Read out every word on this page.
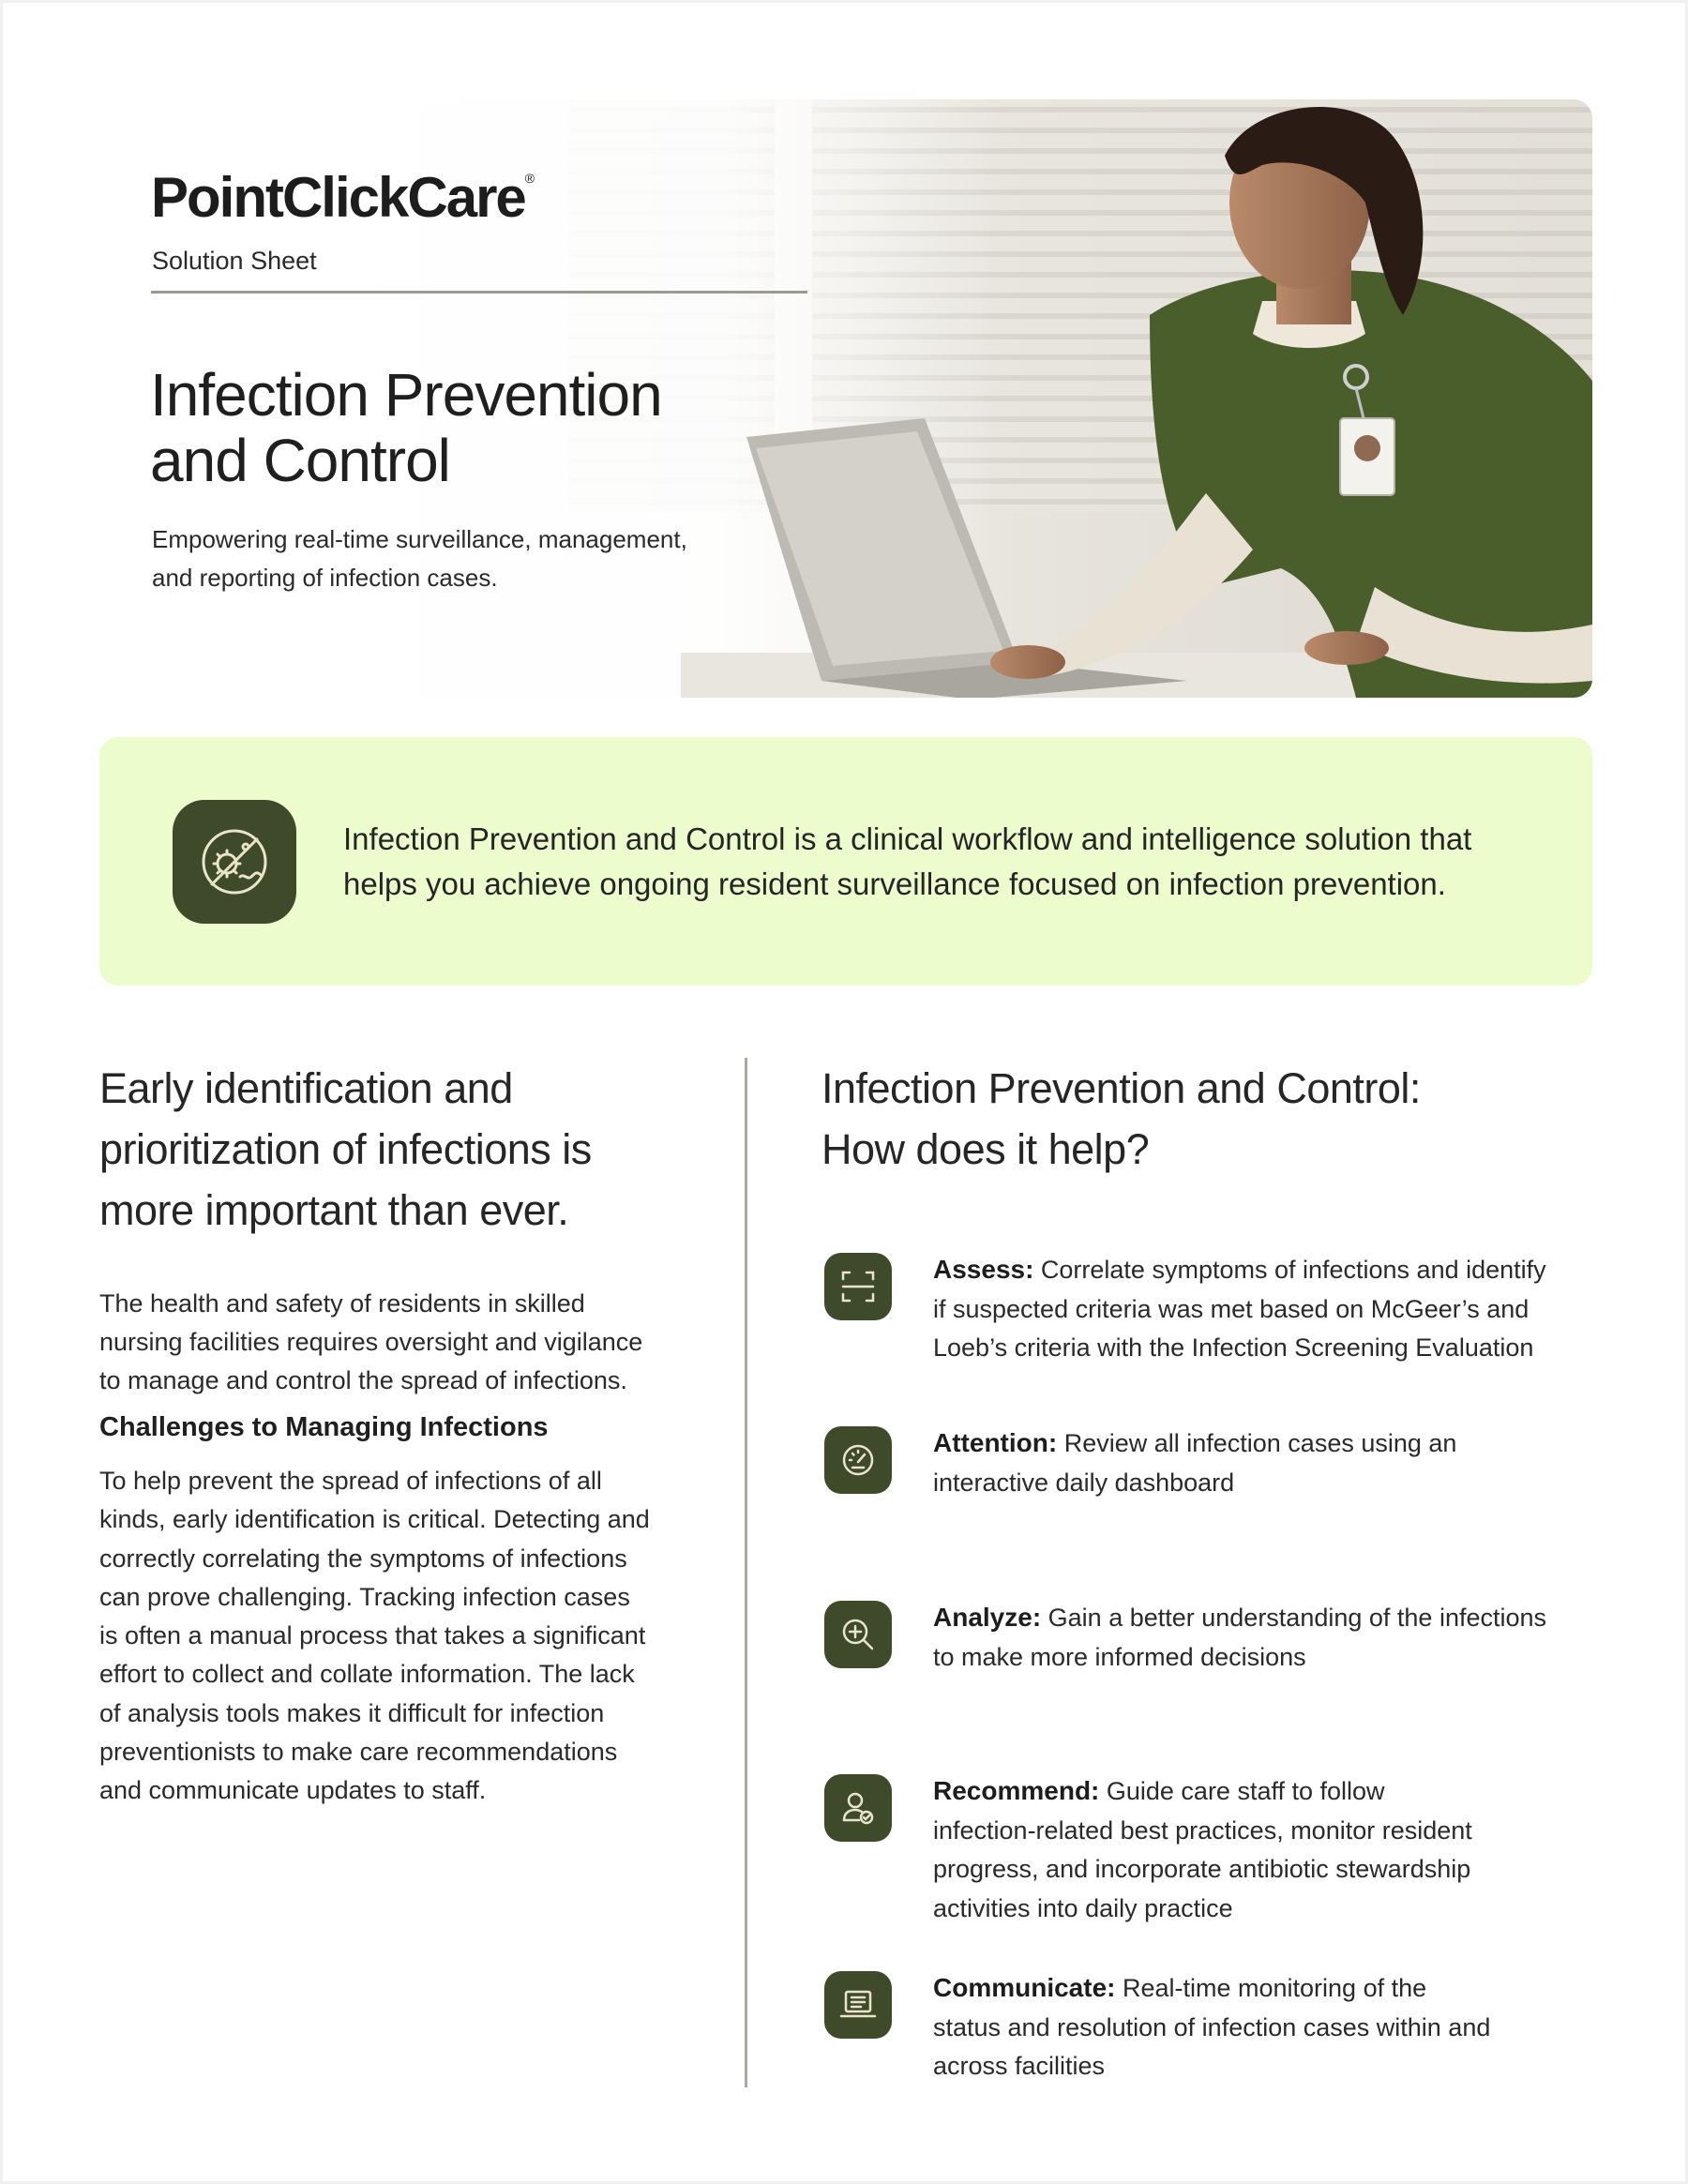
PointClickCare®
Solution Sheet
Infection Prevention
and Control
Empowering real-time surveillance, management,
and reporting of infection cases.
Infection Prevention and Control is a clinical workflow and intelligence solution that
helps you achieve ongoing resident surveillance focused on infection prevention.
Early identification and
prioritization of infections is
more important than ever.
The health and safety of residents in skilled
nursing facilities requires oversight and vigilance
to manage and control the spread of infections.
Challenges to Managing Infections
To help prevent the spread of infections of all
kinds, early identification is critical. Detecting and
correctly correlating the symptoms of infections
can prove challenging. Tracking infection cases
is often a manual process that takes a significant
effort to collect and collate information. The lack
of analysis tools makes it difficult for infection
preventionists to make care recommendations
and communicate updates to staff.
Infection Prevention and Control:
How does it help?
Assess: Correlate symptoms of infections and identify
if suspected criteria was met based on McGeer’s and
Loeb’s criteria with the Infection Screening Evaluation
Attention: Review all infection cases using an
interactive daily dashboard
Analyze: Gain a better understanding of the infections
to make more informed decisions
Recommend: Guide care staff to follow
infection-related best practices, monitor resident
progress, and incorporate antibiotic stewardship
activities into daily practice
Communicate: Real-time monitoring of the
status and resolution of infection cases within and
across facilities
